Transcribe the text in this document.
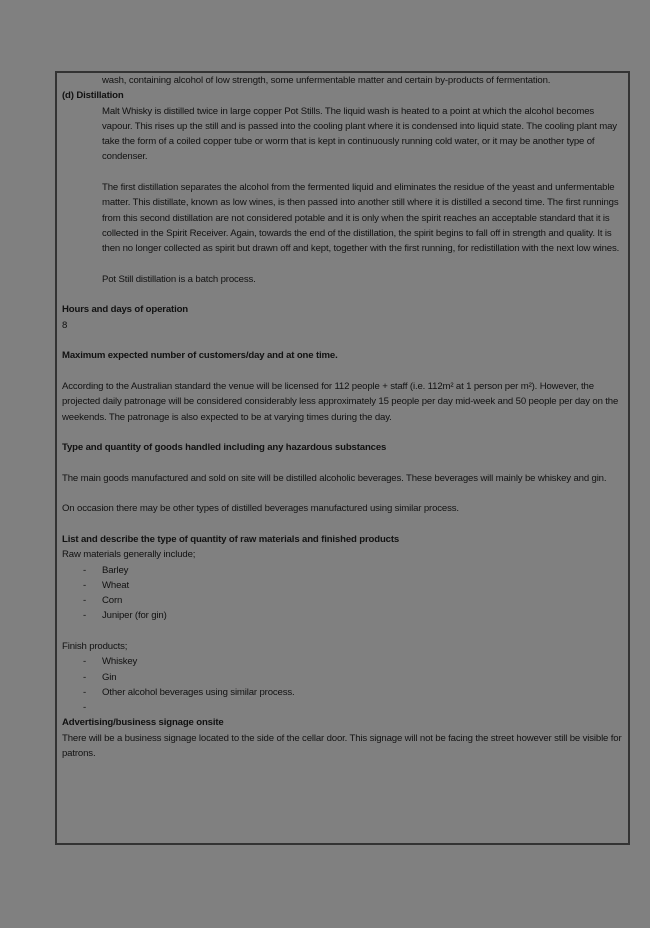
wash, containing alcohol of low strength, some unfermentable matter and certain by-products of fermentation.

(d) Distillation

Malt Whisky is distilled twice in large copper Pot Stills. The liquid wash is heated to a point at which the alcohol becomes vapour. This rises up the still and is passed into the cooling plant where it is condensed into liquid state. The cooling plant may take the form of a coiled copper tube or worm that is kept in continuously running cold water, or it may be another type of condenser.

The first distillation separates the alcohol from the fermented liquid and eliminates the residue of the yeast and unfermentable matter. This distillate, known as low wines, is then passed into another still where it is distilled a second time. The first runnings from this second distillation are not considered potable and it is only when the spirit reaches an acceptable standard that it is collected in the Spirit Receiver. Again, towards the end of the distillation, the spirit begins to fall off in strength and quality. It is then no longer collected as spirit but drawn off and kept, together with the first running, for redistillation with the next low wines.

Pot Still distillation is a batch process.

Hours and days of operation

8

Maximum expected number of customers/day and at one time.

According to the Australian standard the venue will be licensed for 112 people + staff (i.e. 112m² at 1 person per m²). However, the projected daily patronage will be considered considerably less approximately 15 people per day mid-week and 50 people per day on the weekends. The patronage is also expected to be at varying times during the day.

Type and quantity of goods handled including any hazardous substances

The main goods manufactured and sold on site will be distilled alcoholic beverages. These beverages will mainly be whiskey and gin.

On occasion there may be other types of distilled beverages manufactured using similar process.

List and describe the type of quantity of raw materials and finished products

Raw materials generally include;

- Barley
- Wheat
- Corn
- Juniper (for gin)

Finish products;

- Whiskey
- Gin
- Other alcohol beverages using similar process.
-

Advertising/business signage onsite

There will be a business signage located to the side of the cellar door. This signage will not be facing the street however still be visible for patrons.
